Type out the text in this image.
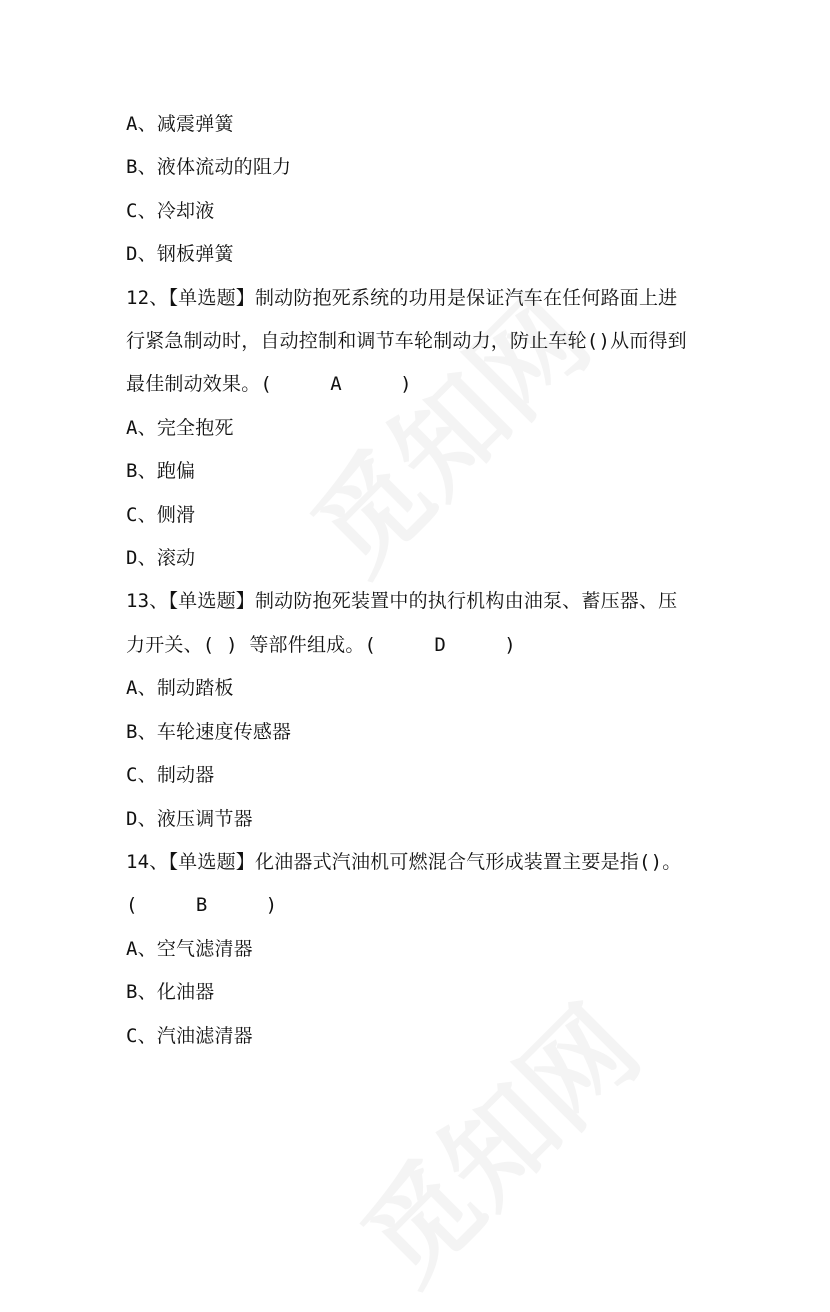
A、减震弹簧
B、液体流动的阻力
C、冷却液
D、钢板弹簧
12、【单选题】制动防抱死系统的功用是保证汽车在任何路面上进
行紧急制动时，自动控制和调节车轮制动力，防止车轮()从而得到
最佳制动效果。(     A     )
A、完全抱死
B、跑偏
C、侧滑
D、滚动
13、【单选题】制动防抱死装置中的执行机构由油泵、蓄压器、压
力开关、( ) 等部件组成。(     D     )
A、制动踏板
B、车轮速度传感器
C、制动器
D、液压调节器
14、【单选题】化油器式汽油机可燃混合气形成装置主要是指()。
(     B     )
A、空气滤清器
B、化油器
C、汽油滤清器
